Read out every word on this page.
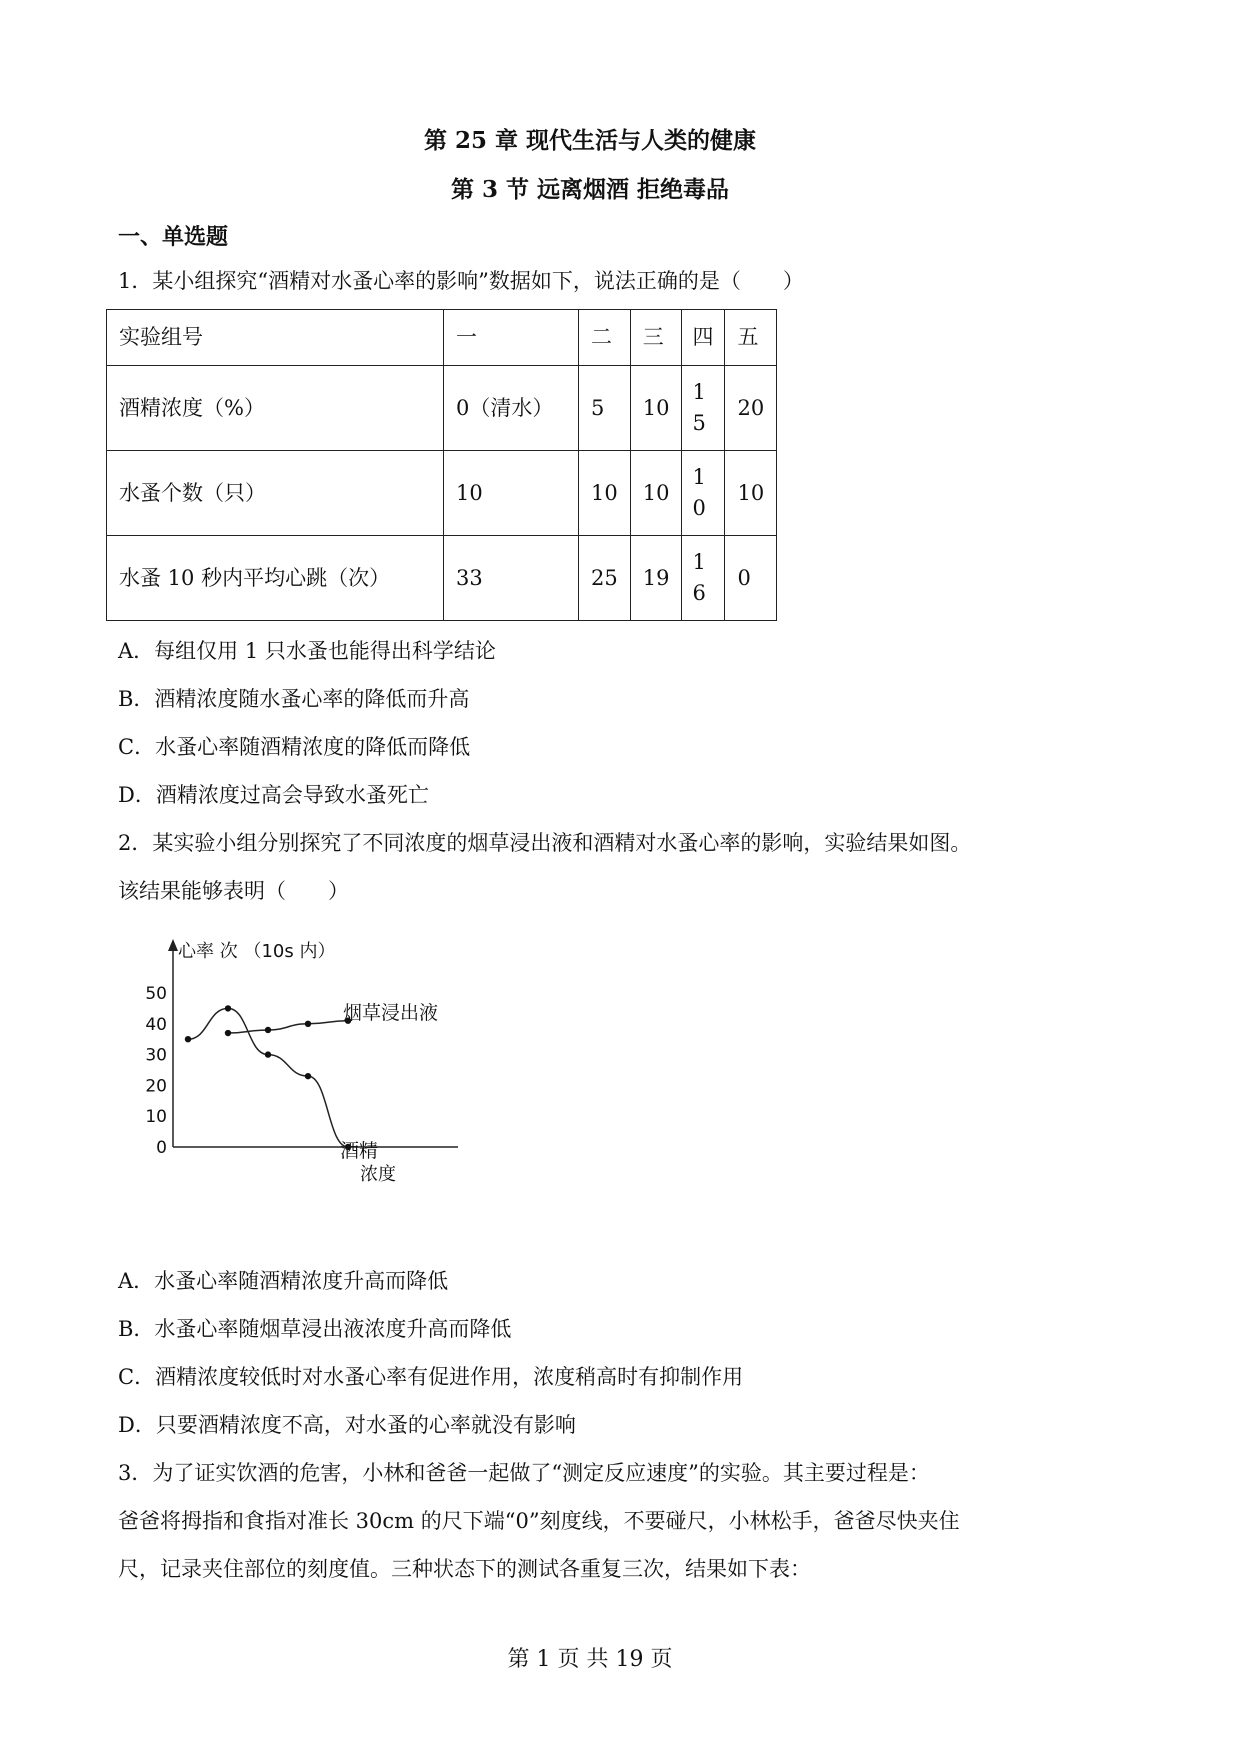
第 25 章 现代生活与人类的健康
第 3 节 远离烟酒 拒绝毒品
一、单选题
1．某小组探究“酒精对水蚤心率的影响”数据如下，说法正确的是（　　）
实验组号	一	二	三	四	五
酒精浓度（%）	0（清水）	5	10	15	20
水蚤个数（只）	10	10	10	10	10
水蚤 10 秒内平均心跳（次）	33	25	19	16	0
A．每组仅用 1 只水蚤也能得出科学结论
B．酒精浓度随水蚤心率的降低而升高
C．水蚤心率随酒精浓度的降低而降低
D．酒精浓度过高会导致水蚤死亡
2．某实验小组分别探究了不同浓度的烟草浸出液和酒精对水蚤心率的影响，实验结果如图。
该结果能够表明（　　）
心率 次 （10s 内）
浓度
50
40
30
20
10
0
烟草浸出液
酒精
A．水蚤心率随酒精浓度升高而降低
B．水蚤心率随烟草浸出液浓度升高而降低
C．酒精浓度较低时对水蚤心率有促进作用，浓度稍高时有抑制作用
D．只要酒精浓度不高，对水蚤的心率就没有影响
3．为了证实饮酒的危害，小林和爸爸一起做了“测定反应速度”的实验。其主要过程是：
爸爸将拇指和食指对准长 30cm 的尺下端“0”刻度线，不要碰尺，小林松手，爸爸尽快夹住
尺，记录夹住部位的刻度值。三种状态下的测试各重复三次，结果如下表：
第 1 页 共 19 页
